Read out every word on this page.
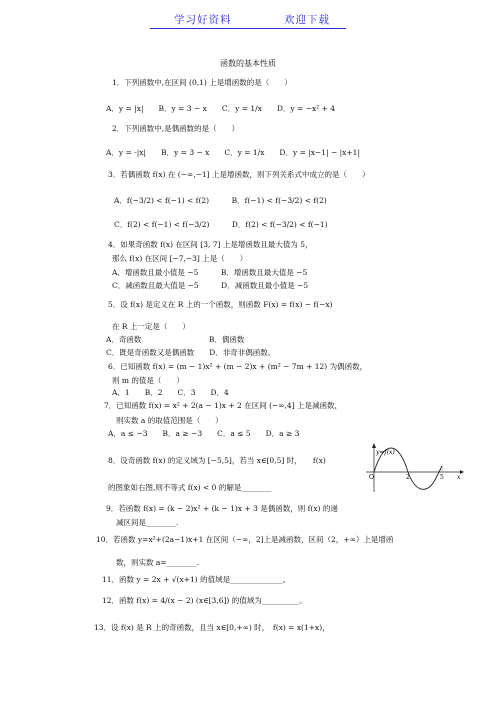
学习好资料	欢迎下载
函数的基本性质
1．下列函数中,在区间 (0,1) 上是增函数的是（　　）
A．y = |x|　　B．y = 3 − x　　C．y = 1/x　　D．y = −x² + 4
2．下列函数中,是偶函数的是（　　）
A．y = -|x|　　B．y = 3 − x　　C．y = 1/x　　D．y = |x−1| − |x+1|
3．若偶函数 f(x) 在 (−∞,−1] 上是增函数，则下列关系式中成立的是（　　）
A．f(−3/2) < f(−1) < f(2)　　　B．f(−1) < f(−3/2) < f(2)
C．f(2) < f(−1) < f(−3/2)　　　D．f(2) < f(−3/2) < f(−1)
4．如果奇函数 f(x) 在区间 [3, 7] 上是增函数且最大值为 5，
那么 f(x) 在区间 [−7,−3] 上是（　　）
A．增函数且最小值是 −5　　　B．增函数且最大值是 −5
C．减函数且最大值是 −5　　　D．减函数且最小值是 −5
5．设 f(x) 是定义在 R 上的一个函数，则函数 F(x) = f(x) − f(−x)
在 R 上一定是（　　）
A．奇函数　　　　　　　　　B．偶函数
C．既是奇函数又是偶函数　　D．非奇非偶函数。
6．已知函数 f(x) = (m − 1)x² + (m − 2)x + (m² − 7m + 12) 为偶函数，
则 m 的值是（　　）
A．1　　B．2　　C．3　　D．4
7．已知函数 f(x) = x² + 2(a − 1)x + 2 在区间 (−∞,4] 上是减函数，
则实数 a 的取值范围是（　　）
A．a ≤ −3　　B．a ≥ −3　　C．a ≤ 5　　D．a ≥ 3
8．设奇函数 f(x) 的定义域为 [−5,5]，若当 x∈[0,5] 时，　　f(x)
的图象如右图,则不等式 f(x) < 0 的解是________
9．若函数 f(x) = (k − 2)x² + (k − 1)x + 3 是偶函数，则 f(x) 的递
减区间是________.
10．若函数 y=x²+(2a−1)x+1 在区间（−∞，2]上是减函数，区间（2，+∞）上是增函
数，则实数 a=________.
11．函数 y = 2x + √(x+1) 的值域是______________。
12．函数 f(x) = 4/(x − 2) (x∈[3,6]) 的值域为__________。
13．设 f(x) 是 R 上的奇函数，且当 x∈[0,+∞) 时，　f(x) = x(1+x)，
y=f(x)
O	x
2	5
